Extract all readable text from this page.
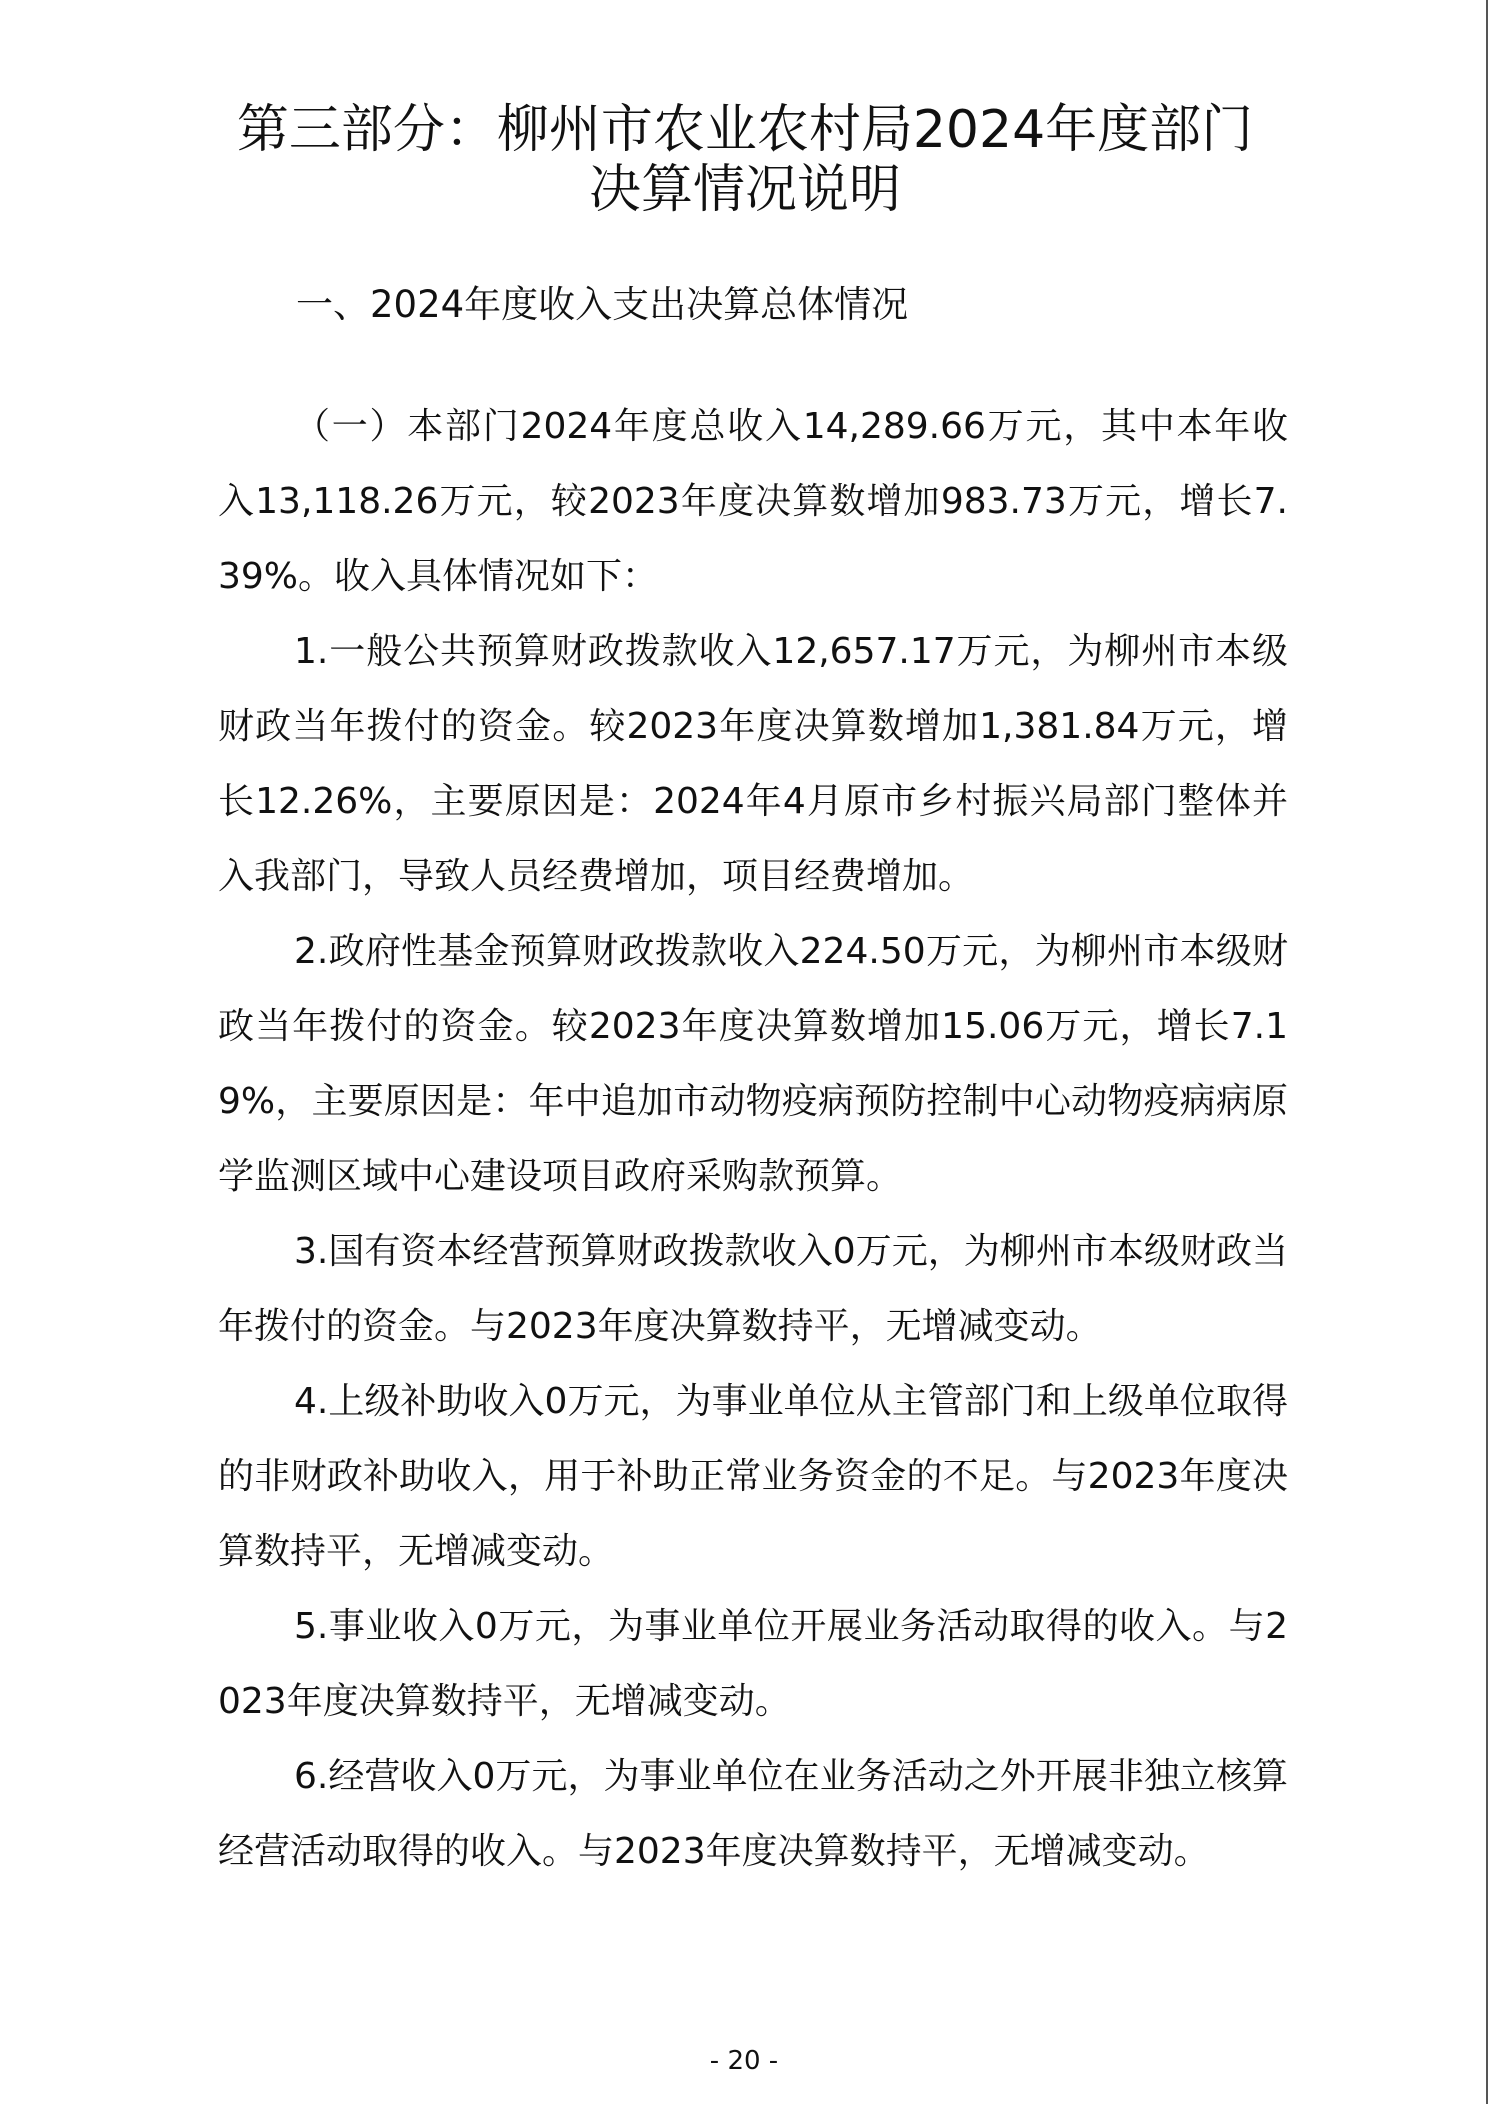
第三部分：柳州市农业农村局2024年度部门
决算情况说明
一、2024年度收入支出决算总体情况

（一）本部门2024年度总收入14,289.66万元，其中本年收入13,118.26万元，较2023年度决算数增加983.73万元，增长7.39%。收入具体情况如下：

1.一般公共预算财政拨款收入12,657.17万元，为柳州市本级财政当年拨付的资金。较2023年度决算数增加1,381.84万元，增长12.26%，主要原因是：2024年4月原市乡村振兴局部门整体并入我部门，导致人员经费增加，项目经费增加。

2.政府性基金预算财政拨款收入224.50万元，为柳州市本级财政当年拨付的资金。较2023年度决算数增加15.06万元，增长7.19%，主要原因是：年中追加市动物疫病预防控制中心动物疫病病原学监测区域中心建设项目政府采购款预算。

3.国有资本经营预算财政拨款收入0万元，为柳州市本级财政当年拨付的资金。与2023年度决算数持平，无增减变动。

4.上级补助收入0万元，为事业单位从主管部门和上级单位取得的非财政补助收入，用于补助正常业务资金的不足。与2023年度决算数持平，无增减变动。

5.事业收入0万元，为事业单位开展业务活动取得的收入。与2023年度决算数持平，无增减变动。

6.经营收入0万元，为事业单位在业务活动之外开展非独立核算经营活动取得的收入。与2023年度决算数持平，无增减变动。

- 20 -
